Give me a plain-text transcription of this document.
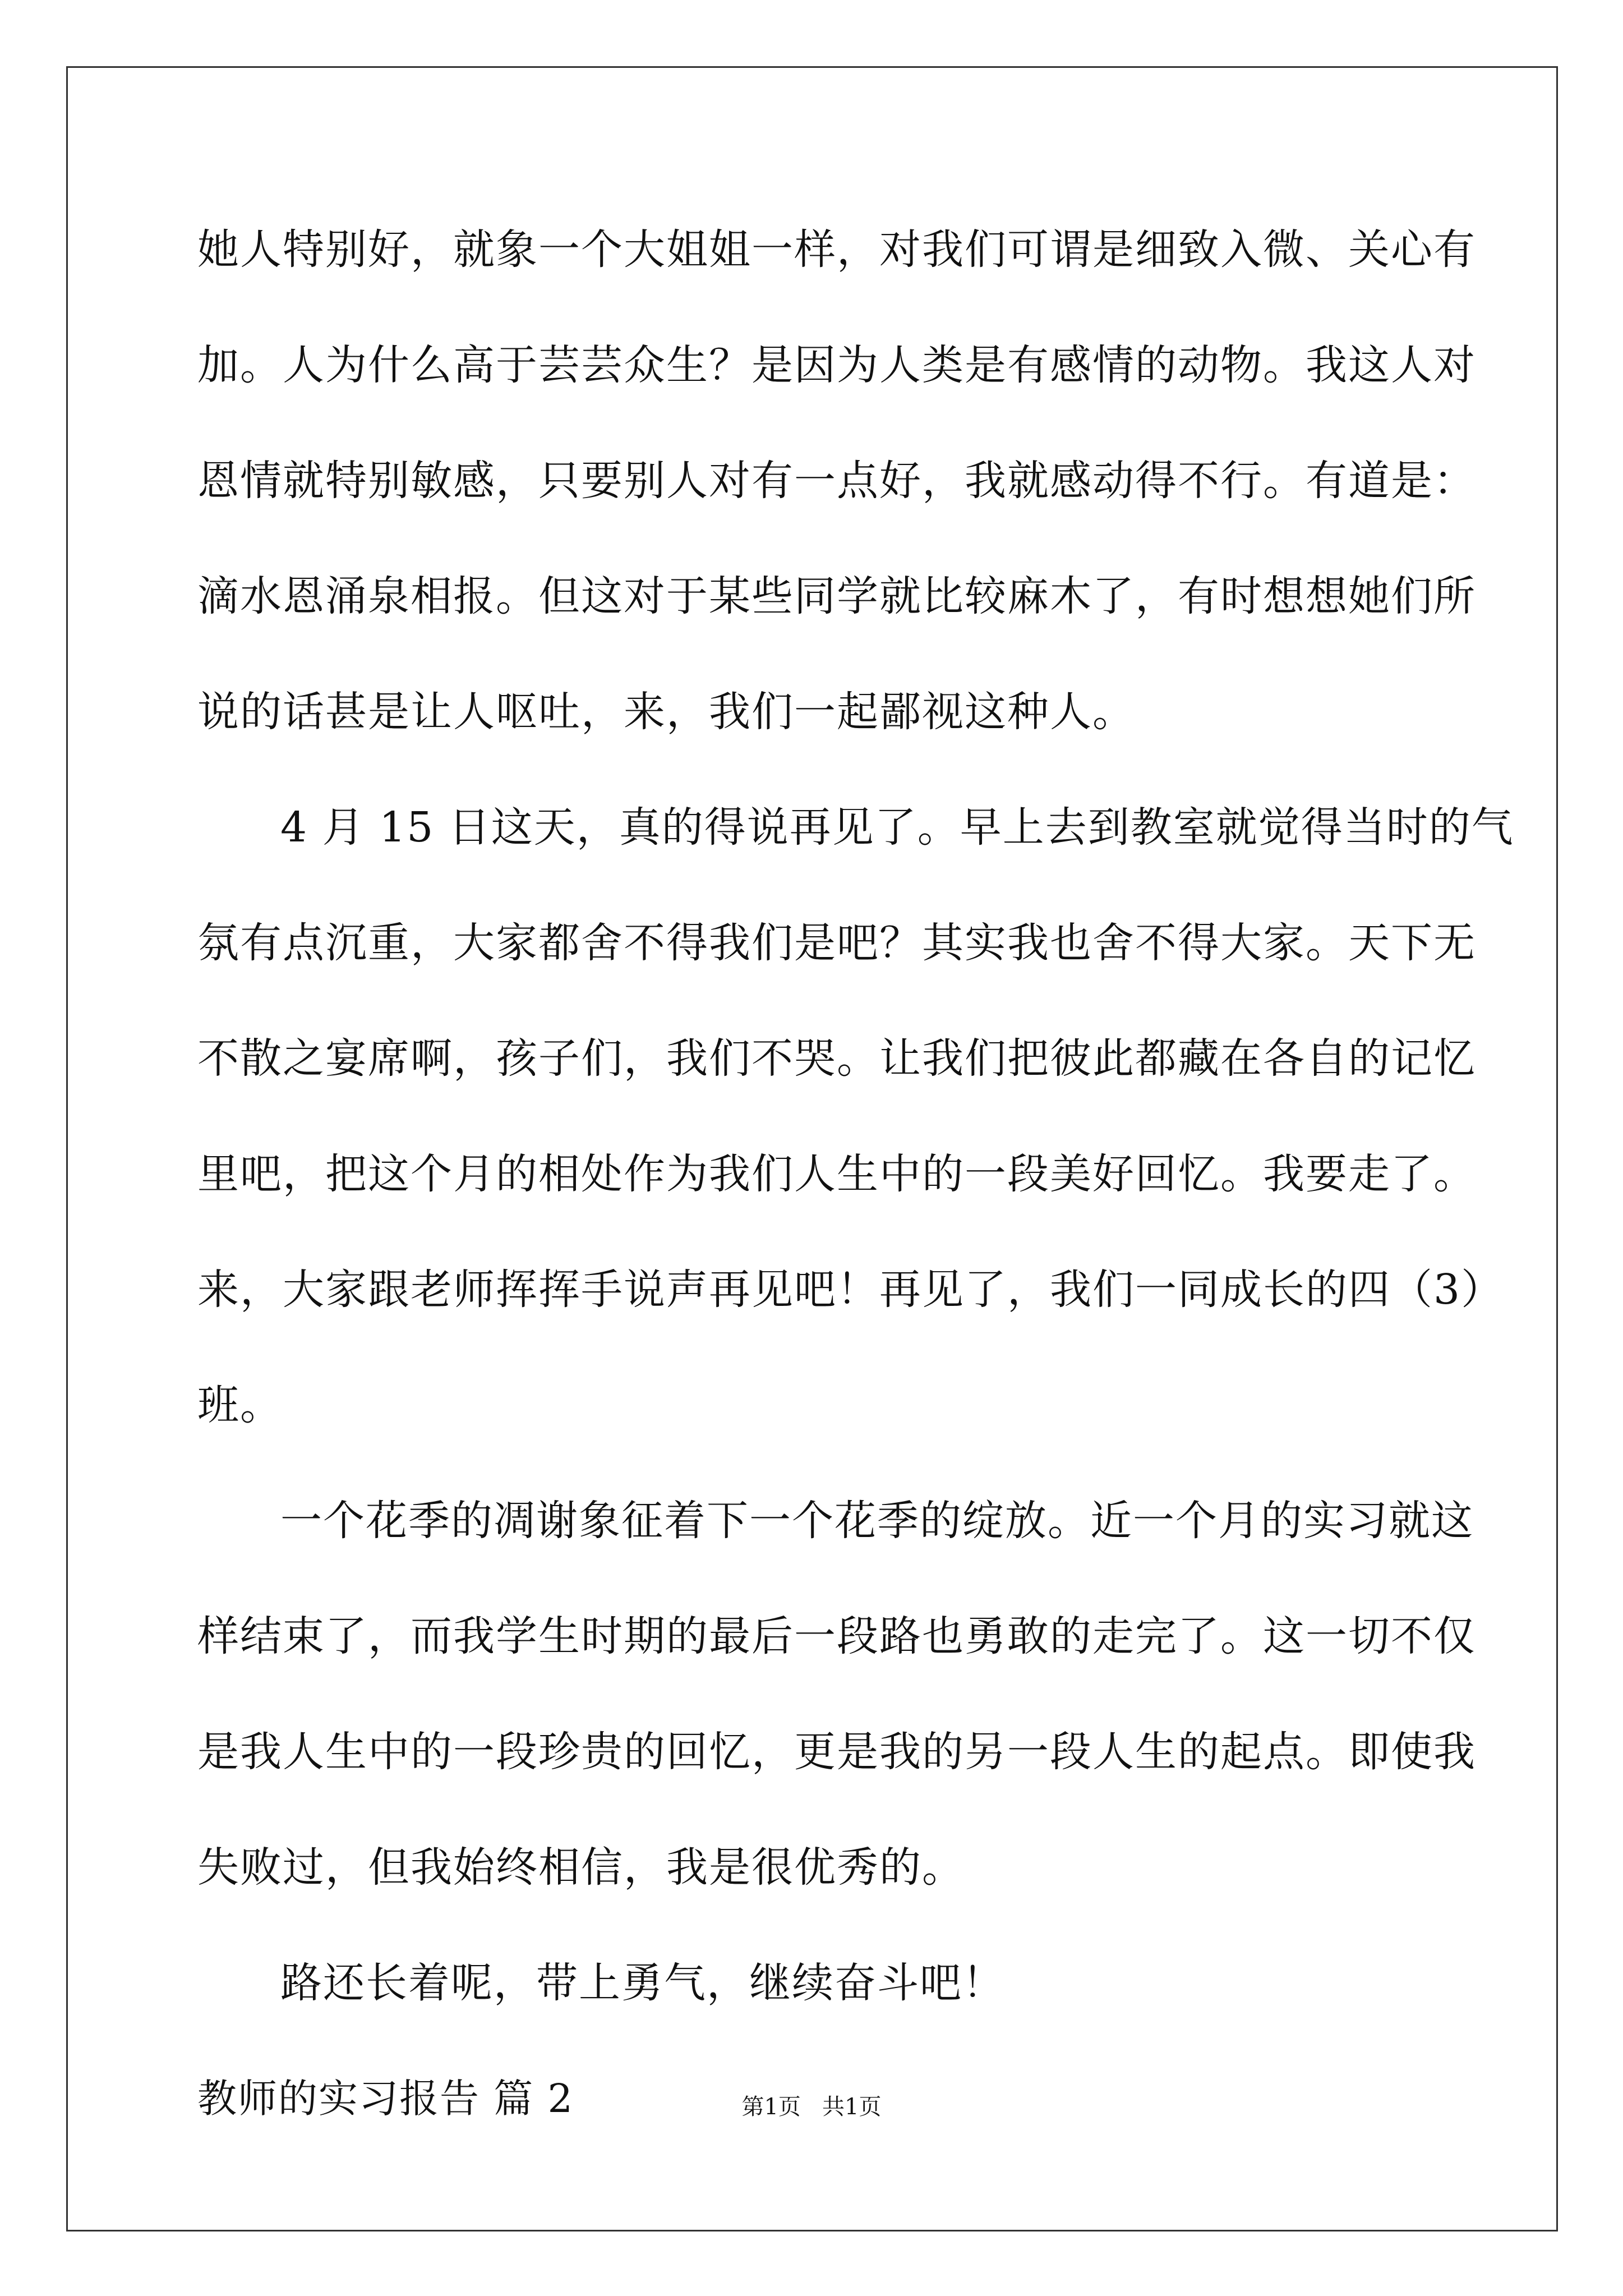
她人特别好，就象一个大姐姐一样，对我们可谓是细致入微、关心有
加。人为什么高于芸芸众生？是因为人类是有感情的动物。我这人对
恩情就特别敏感，只要别人对有一点好，我就感动得不行。有道是：
滴水恩涌泉相报。但这对于某些同学就比较麻木了，有时想想她们所
说的话甚是让人呕吐，来，我们一起鄙视这种人。
4 月 15 日这天，真的得说再见了。早上去到教室就觉得当时的气
氛有点沉重，大家都舍不得我们是吧？其实我也舍不得大家。天下无
不散之宴席啊，孩子们，我们不哭。让我们把彼此都藏在各自的记忆
里吧，把这个月的相处作为我们人生中的一段美好回忆。我要走了。
来，大家跟老师挥挥手说声再见吧！再见了，我们一同成长的四（3）
班。
一个花季的凋谢象征着下一个花季的绽放。近一个月的实习就这
样结束了，而我学生时期的最后一段路也勇敢的走完了。这一切不仅
是我人生中的一段珍贵的回忆，更是我的另一段人生的起点。即使我
失败过，但我始终相信，我是很优秀的。
路还长着呢，带上勇气，继续奋斗吧！
教师的实习报告 篇 2	第1页   共1页
